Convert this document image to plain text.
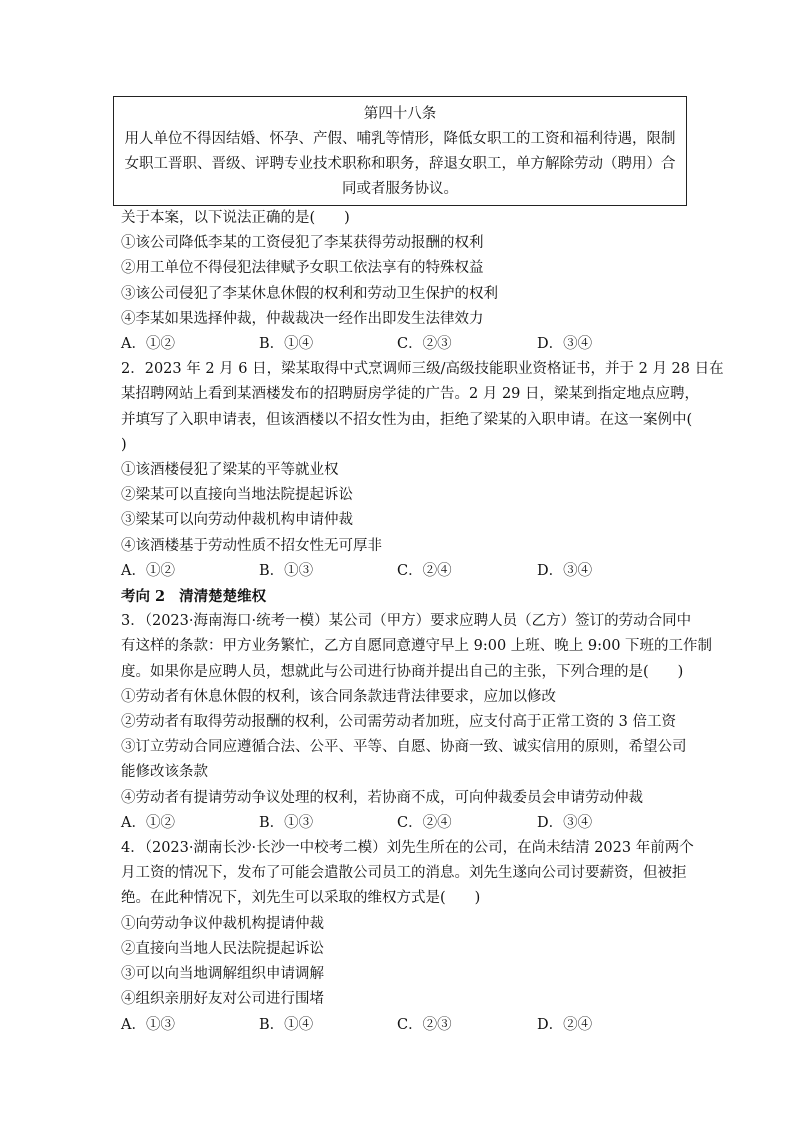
第四十八条
用人单位不得因结婚、怀孕、产假、哺乳等情形，降低女职工的工资和福利待遇，限制女职工晋职、晋级、评聘专业技术职称和职务，辞退女职工，单方解除劳动（聘用）合同或者服务协议。
关于本案，以下说法正确的是(　　)
①该公司降低李某的工资侵犯了李某获得劳动报酬的权利
②用工单位不得侵犯法律赋予女职工依法享有的特殊权益
③该公司侵犯了李某休息休假的权利和劳动卫生保护的权利
④李某如果选择仲裁，仲裁裁决一经作出即发生法律效力
A．①②	B．①④	C．②③	D．③④
2．2023 年 2 月 6 日，梁某取得中式烹调师三级/高级技能职业资格证书，并于 2 月 28 日在
某招聘网站上看到某酒楼发布的招聘厨房学徒的广告。2 月 29 日，梁某到指定地点应聘，
并填写了入职申请表，但该酒楼以不招女性为由，拒绝了梁某的入职申请。在这一案例中(
)
①该酒楼侵犯了梁某的平等就业权
②梁某可以直接向当地法院提起诉讼
③梁某可以向劳动仲裁机构申请仲裁
④该酒楼基于劳动性质不招女性无可厚非
A．①②	B．①③	C．②④	D．③④
考向 2 清清楚楚维权
3．（2023·海南海口·统考一模）某公司（甲方）要求应聘人员（乙方）签订的劳动合同中
有这样的条款：甲方业务繁忙，乙方自愿同意遵守早上 9:00 上班、晚上 9:00 下班的工作制
度。如果你是应聘人员，想就此与公司进行协商并提出自己的主张，下列合理的是(　　)
①劳动者有休息休假的权利，该合同条款违背法律要求，应加以修改
②劳动者有取得劳动报酬的权利，公司需劳动者加班，应支付高于正常工资的 3 倍工资
③订立劳动合同应遵循合法、公平、平等、自愿、协商一致、诚实信用的原则，希望公司
能修改该条款
④劳动者有提请劳动争议处理的权利，若协商不成，可向仲裁委员会申请劳动仲裁
A．①②	B．①③	C．②④	D．③④
4．（2023·湖南长沙·长沙一中校考二模）刘先生所在的公司，在尚未结清 2023 年前两个
月工资的情况下，发布了可能会遣散公司员工的消息。刘先生遂向公司讨要薪资，但被拒
绝。在此种情况下，刘先生可以采取的维权方式是(　　)
①向劳动争议仲裁机构提请仲裁
②直接向当地人民法院提起诉讼
③可以向当地调解组织申请调解
④组织亲朋好友对公司进行围堵
A．①③	B．①④	C．②③	D．②④
